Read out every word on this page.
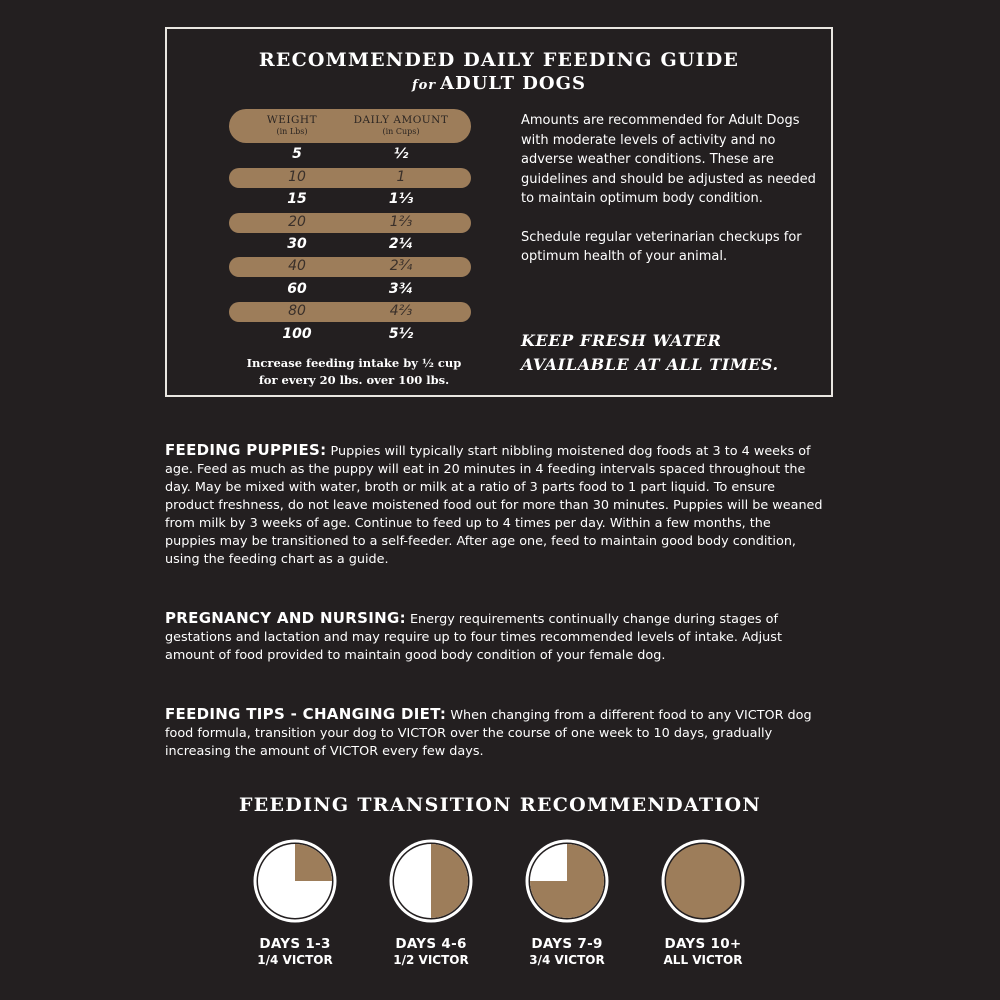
RECOMMENDED DAILY FEEDING GUIDE
for ADULT DOGS
WEIGHT
(in Lbs)
DAILY AMOUNT
(in Cups)
5	½
10	1
15	1⅓
20	1⅔
30	2¼
40	2¾
60	3¾
80	4⅔
100	5½
Increase feeding intake by ½ cup
for every 20 lbs. over 100 lbs.

Amounts are recommended for Adult Dogs with moderate levels of activity and no adverse weather conditions. These are guidelines and should be adjusted as needed to maintain optimum body condition.

Schedule regular veterinarian checkups for optimum health of your animal.

KEEP FRESH WATER
AVAILABLE AT ALL TIMES.
FEEDING PUPPIES: Puppies will typically start nibbling moistened dog foods at 3 to 4 weeks of age. Feed as much as the puppy will eat in 20 minutes in 4 feeding intervals spaced throughout the day. May be mixed with water, broth or milk at a ratio of 3 parts food to 1 part liquid. To ensure product freshness, do not leave moistened food out for more than 30 minutes. Puppies will be weaned from milk by 3 weeks of age. Continue to feed up to 4 times per day. Within a few months, the puppies may be transitioned to a self-feeder. After age one, feed to maintain good body condition, using the feeding chart as a guide.
PREGNANCY AND NURSING: Energy requirements continually change during stages of gestations and lactation and may require up to four times recommended levels of intake. Adjust amount of food provided to maintain good body condition of your female dog.
FEEDING TIPS - CHANGING DIET: When changing from a different food to any VICTOR dog food formula, transition your dog to VICTOR over the course of one week to 10 days, gradually increasing the amount of VICTOR every few days.
FEEDING TRANSITION RECOMMENDATION
DAYS 1-3
1/4 VICTOR
DAYS 4-6
1/2 VICTOR
DAYS 7-9
3/4 VICTOR
DAYS 10+
ALL VICTOR
